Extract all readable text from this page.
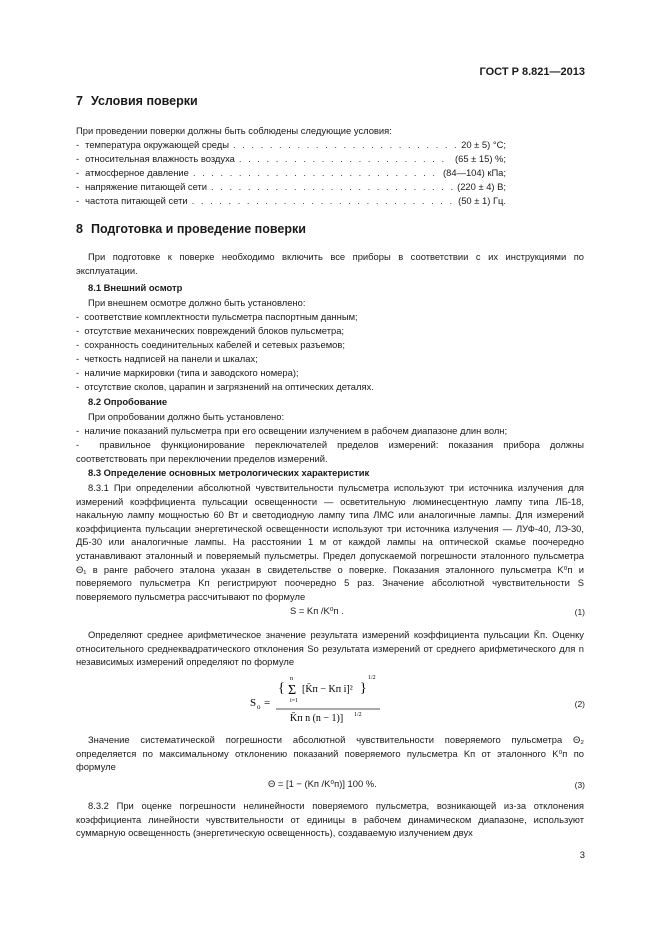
ГОСТ Р 8.821—2013
7 Условия поверки
При проведении поверки должны быть соблюдены следующие условия:
- температура окружающей среды . . .	20 ± 5) °С;
- относительная влажность воздуха . . .	(65 ± 15) %;
- атмосферное давление . . .	(84—104) кПа;
- напряжение питающей сети . . .	(220 ± 4) В;
- частота питающей сети . . .	(50 ± 1) Гц.
8 Подготовка и проведение поверки
При подготовке к поверке необходимо включить все приборы в соответствии с их инструкциями по эксплуатации.
8.1 Внешний осмотр
При внешнем осмотре должно быть установлено:
-  соответствие комплектности пульсметра паспортным данным;
-  отсутствие механических повреждений блоков пульсметра;
-  сохранность соединительных кабелей и сетевых разъемов;
-  четкость надписей на панели и шкалах;
-  наличие маркировки (типа и заводского номера);
-  отсутствие сколов, царапин и загрязнений на оптических деталях.
8.2 Опробование
При опробовании должно быть установлено:
-  наличие показаний пульсметра при его освещении излучением в рабочем диапазоне длин волн;
-  правильное функционирование переключателей пределов измерений: показания прибора должны соответствовать при переключении пределов измерений.
8.3 Определение основных метрологических характеристик
8.3.1 При определении абсолютной чувствительности пульсметра используют три источника излучения для измерений коэффициента пульсации освещенности — осветительную люминесцентную лампу типа ЛБ-18, накальную лампу мощностью 60 Вт и светодиодную лампу типа ЛМС или аналогичные лампы. Для измерений коэффициента пульсации энергетической освещенности используют три источника излучения — ЛУФ-40, ЛЭ-30, ДБ-30 или аналогичные лампы. На расстоянии 1 м от каждой лампы на оптической скамье поочередно устанавливают эталонный и поверяемый пульсметры. Предел допускаемой погрешности эталонного пульсметра Θ₁ в ранге рабочего эталона указан в свидетельстве о поверке. Показания эталонного пульсметра K⁰п и поверяемого пульсметра Kп регистрируют поочередно 5 раз. Значение абсолютной чувствительности S поверяемого пульсметра рассчитывают по формуле
S = Kп /K⁰п .	(1)
Определяют среднее арифметическое значение результата измерений коэффициента пульсации K̄п. Оценку относительного среднеквадратического отклонения Sо результата измерений от среднего арифметического для n независимых измерений определяют по формуле
S о =
{ Σ
n
i=1
[K̄п − Kп i]² }
1/2
K̄п n (n − 1)] 1/2
(2)
Значение систематической погрешности абсолютной чувствительности поверяемого пульсметра Θ₂ определяется по максимальному отклонению показаний поверяемого пульсметра Kп от эталонного K⁰п по формуле
Θ = [1 − (Kп /K⁰п)] 100 %.	(3)
8.3.2 При оценке погрешности нелинейности поверяемого пульсметра, возникающей из-за отклонения коэффициента линейности чувствительности от единицы в рабочем динамическом диапазоне, используют суммарную освещенность (энергетическую освещенность), создаваемую излучением двух
3
